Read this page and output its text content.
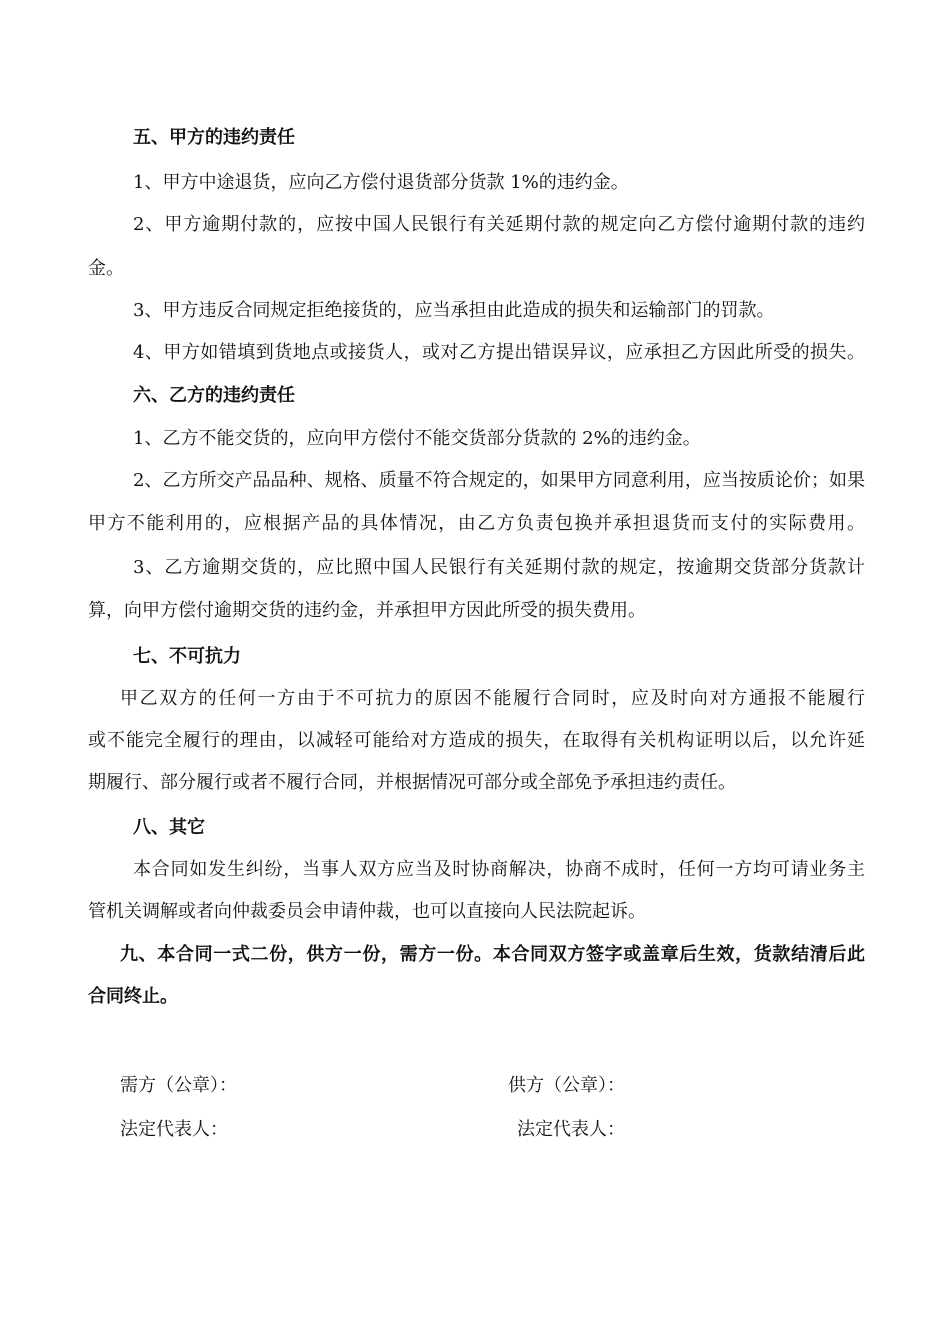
五、甲方的违约责任
1、甲方中途退货，应向乙方偿付退货部分货款 1%的违约金。
2、甲方逾期付款的，应按中国人民银行有关延期付款的规定向乙方偿付逾期付款的违约
金。
3、甲方违反合同规定拒绝接货的，应当承担由此造成的损失和运输部门的罚款。
4、甲方如错填到货地点或接货人，或对乙方提出错误异议，应承担乙方因此所受的损失。
六、乙方的违约责任
1、乙方不能交货的，应向甲方偿付不能交货部分货款的 2%的违约金。
2、乙方所交产品品种、规格、质量不符合规定的，如果甲方同意利用，应当按质论价；如果
甲方不能利用的，应根据产品的具体情况，由乙方负责包换并承担退货而支付的实际费用。
3、乙方逾期交货的，应比照中国人民银行有关延期付款的规定，按逾期交货部分货款计
算，向甲方偿付逾期交货的违约金，并承担甲方因此所受的损失费用。
七、不可抗力
甲乙双方的任何一方由于不可抗力的原因不能履行合同时，应及时向对方通报不能履行
或不能完全履行的理由，以减轻可能给对方造成的损失，在取得有关机构证明以后，以允许延
期履行、部分履行或者不履行合同，并根据情况可部分或全部免予承担违约责任。
八、其它
本合同如发生纠纷，当事人双方应当及时协商解决，协商不成时，任何一方均可请业务主
管机关调解或者向仲裁委员会申请仲裁，也可以直接向人民法院起诉。
九、本合同一式二份，供方一份，需方一份。本合同双方签字或盖章后生效，货款结清后此
合同终止。
需方（公章）：	供方（公章）：
法定代表人：	法定代表人：
